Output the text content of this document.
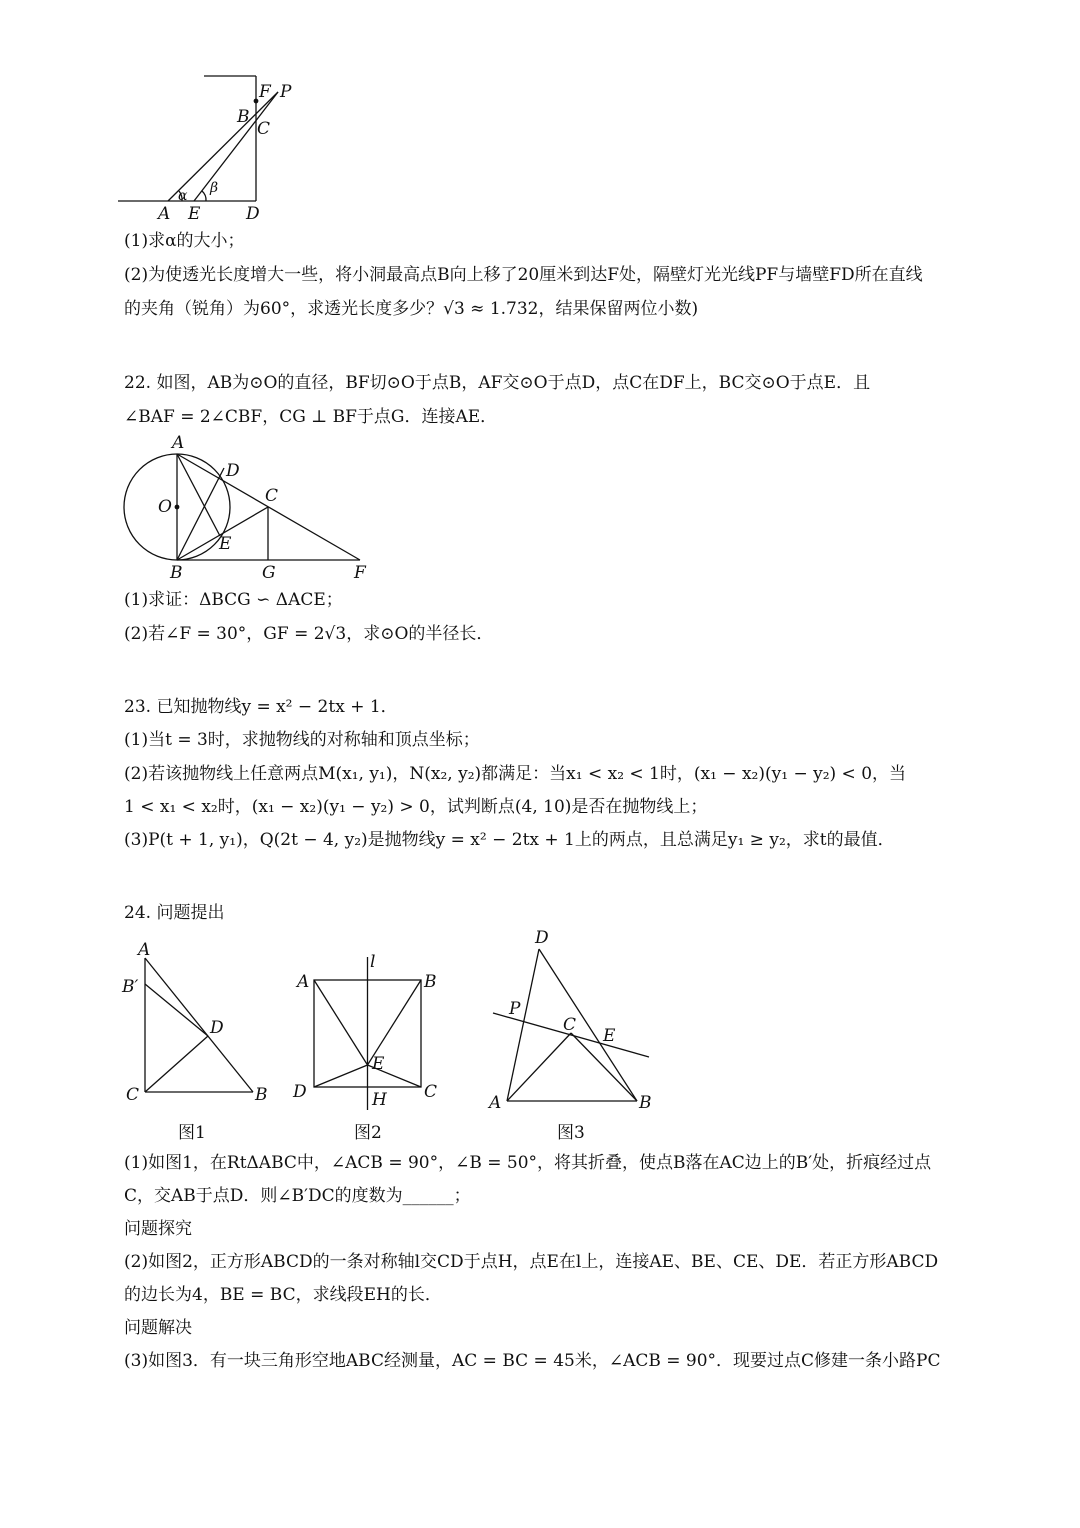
F P
B
C
α β
A E	D
(1)求α的大小；
(2)为使透光长度增大一些，将小洞最高点B向上移了20厘米到达F处，隔壁灯光光线PF与墙壁FD所在直线
的夹角（锐角）为60°，求透光长度多少？√3 ≈ 1.732，结果保留两位小数)
22. 如图，AB为⊙O的直径，BF切⊙O于点B，AF交⊙O于点D，点C在DF上，BC交⊙O于点E．且
∠BAF = 2∠CBF，CG ⊥ BF于点G．连接AE．
A
D
O
C
E
B	G	F
(1)求证：ΔBCG ∽ ΔACE；
(2)若∠F = 30°，GF = 2√3，求⊙O的半径长．
23. 已知抛物线y = x² − 2tx + 1．
(1)当t = 3时，求抛物线的对称轴和顶点坐标；
(2)若该抛物线上任意两点M(x₁, y₁)，N(x₂, y₂)都满足：当x₁ < x₂ < 1时，(x₁ − x₂)(y₁ − y₂) < 0，当
1 < x₁ < x₂时，(x₁ − x₂)(y₁ − y₂) > 0，试判断点(4, 10)是否在抛物线上；
(3)P(t + 1, y₁)，Q(2t − 4, y₂)是抛物线y = x² − 2tx + 1上的两点，且总满足y₁ ≥ y₂，求t的最值．
24. 问题提出
A
B′
D
C	B
图1
l
A	B
E
D	H C
图2
D
P
C
E
A	B
图3
(1)如图1，在RtΔABC中，∠ACB = 90°，∠B = 50°，将其折叠，使点B落在AC边上的B′处，折痕经过点
C，交AB于点D．则∠B′DC的度数为______；
问题探究
(2)如图2，正方形ABCD的一条对称轴l交CD于点H，点E在l上，连接AE、BE、CE、DE．若正方形ABCD
的边长为4，BE = BC，求线段EH的长．
问题解决
(3)如图3．有一块三角形空地ABC经测量，AC = BC = 45米，∠ACB = 90°．现要过点C修建一条小路PC
